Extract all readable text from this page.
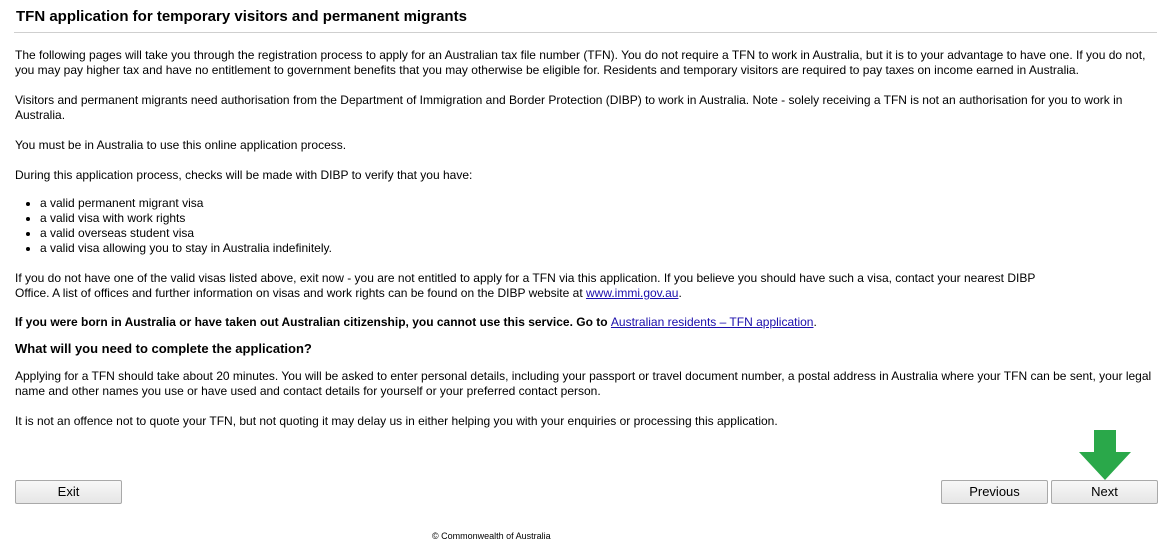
TFN application for temporary visitors and permanent migrants

The following pages will take you through the registration process to apply for an Australian tax file number (TFN). You do not require a TFN to work in Australia, but it is to your advantage to have one. If you do not, you may pay higher tax and have no entitlement to government benefits that you may otherwise be eligible for. Residents and temporary visitors are required to pay taxes on income earned in Australia.

Visitors and permanent migrants need authorisation from the Department of Immigration and Border Protection (DIBP) to work in Australia. Note - solely receiving a TFN is not an authorisation for you to work in Australia.

You must be in Australia to use this online application process.

During this application process, checks will be made with DIBP to verify that you have:

• a valid permanent migrant visa
• a valid visa with work rights
• a valid overseas student visa
• a valid visa allowing you to stay in Australia indefinitely.

If you do not have one of the valid visas listed above, exit now - you are not entitled to apply for a TFN via this application. If you believe you should have such a visa, contact your nearest DIBP Office. A list of offices and further information on visas and work rights can be found on the DIBP website at www.immi.gov.au.

If you were born in Australia or have taken out Australian citizenship, you cannot use this service. Go to Australian residents – TFN application.

What will you need to complete the application?

Applying for a TFN should take about 20 minutes. You will be asked to enter personal details, including your passport or travel document number, a postal address in Australia where your TFN can be sent, your legal name and other names you use or have used and contact details for yourself or your preferred contact person.

It is not an offence not to quote your TFN, but not quoting it may delay us in either helping you with your enquiries or processing this application.

Exit	Previous	Next
© Commonwealth of Australia
